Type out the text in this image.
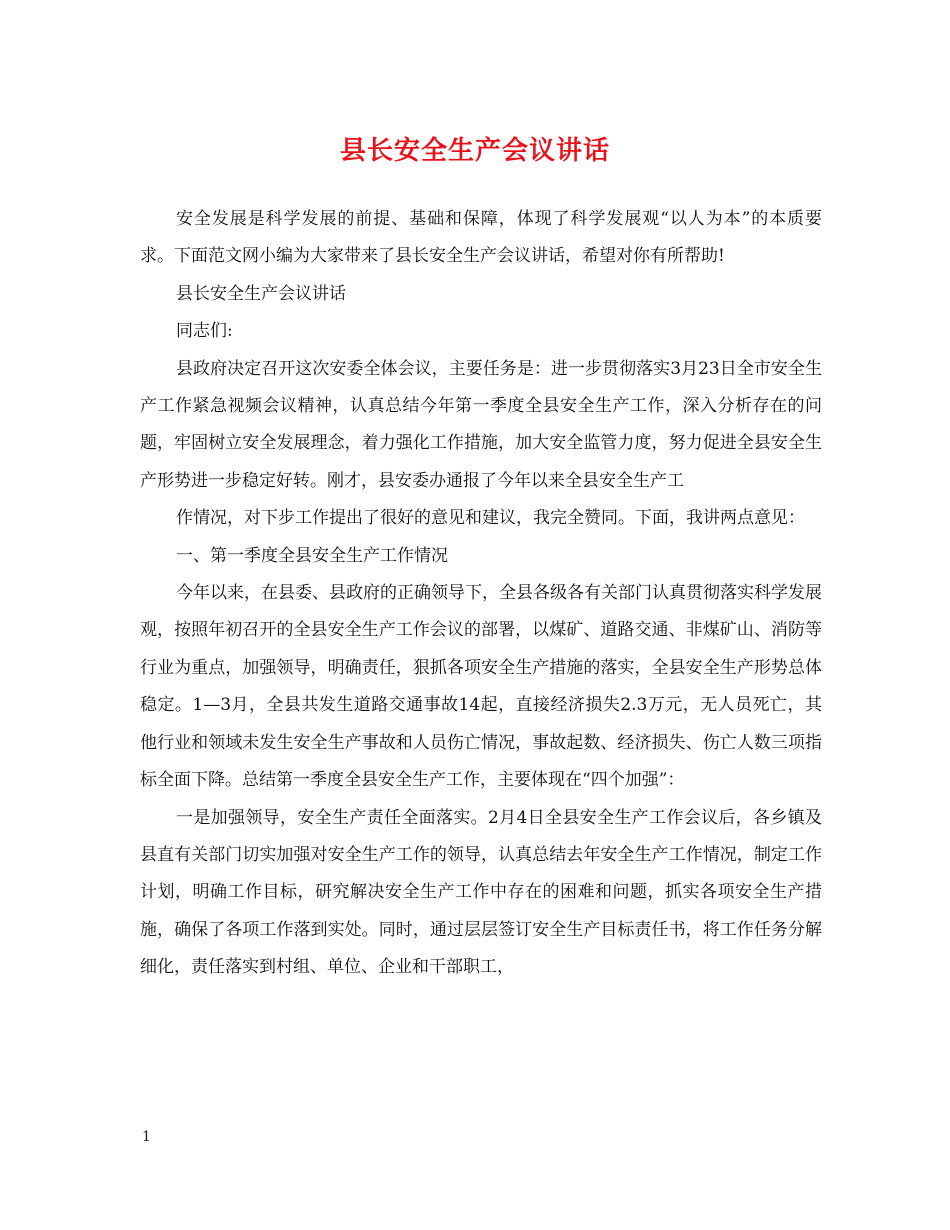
县长安全生产会议讲话

安全发展是科学发展的前提、基础和保障，体现了科学发展观“以人为本”的本质要求。下面范文网小编为大家带来了县长安全生产会议讲话，希望对你有所帮助!

县长安全生产会议讲话

同志们:

县政府决定召开这次安委全体会议，主要任务是：进一步贯彻落实3月23日全市安全生产工作紧急视频会议精神，认真总结今年第一季度全县安全生产工作，深入分析存在的问题，牢固树立安全发展理念，着力强化工作措施，加大安全监管力度，努力促进全县安全生产形势进一步稳定好转。刚才，县安委办通报了今年以来全县安全生产工

作情况，对下步工作提出了很好的意见和建议，我完全赞同。下面，我讲两点意见：

一、第一季度全县安全生产工作情况

今年以来，在县委、县政府的正确领导下，全县各级各有关部门认真贯彻落实科学发展观，按照年初召开的全县安全生产工作会议的部署，以煤矿、道路交通、非煤矿山、消防等行业为重点，加强领导，明确责任，狠抓各项安全生产措施的落实，全县安全生产形势总体稳定。1—3月，全县共发生道路交通事故14起，直接经济损失2.3万元，无人员死亡，其他行业和领域未发生安全生产事故和人员伤亡情况，事故起数、经济损失、伤亡人数三项指标全面下降。总结第一季度全县安全生产工作，主要体现在“四个加强”：

一是加强领导，安全生产责任全面落实。2月4日全县安全生产工作会议后，各乡镇及县直有关部门切实加强对安全生产工作的领导，认真总结去年安全生产工作情况，制定工作计划，明确工作目标，研究解决安全生产工作中存在的困难和问题，抓实各项安全生产措施，确保了各项工作落到实处。同时，通过层层签订安全生产目标责任书，将工作任务分解细化，责任落实到村组、单位、企业和干部职工，

1
